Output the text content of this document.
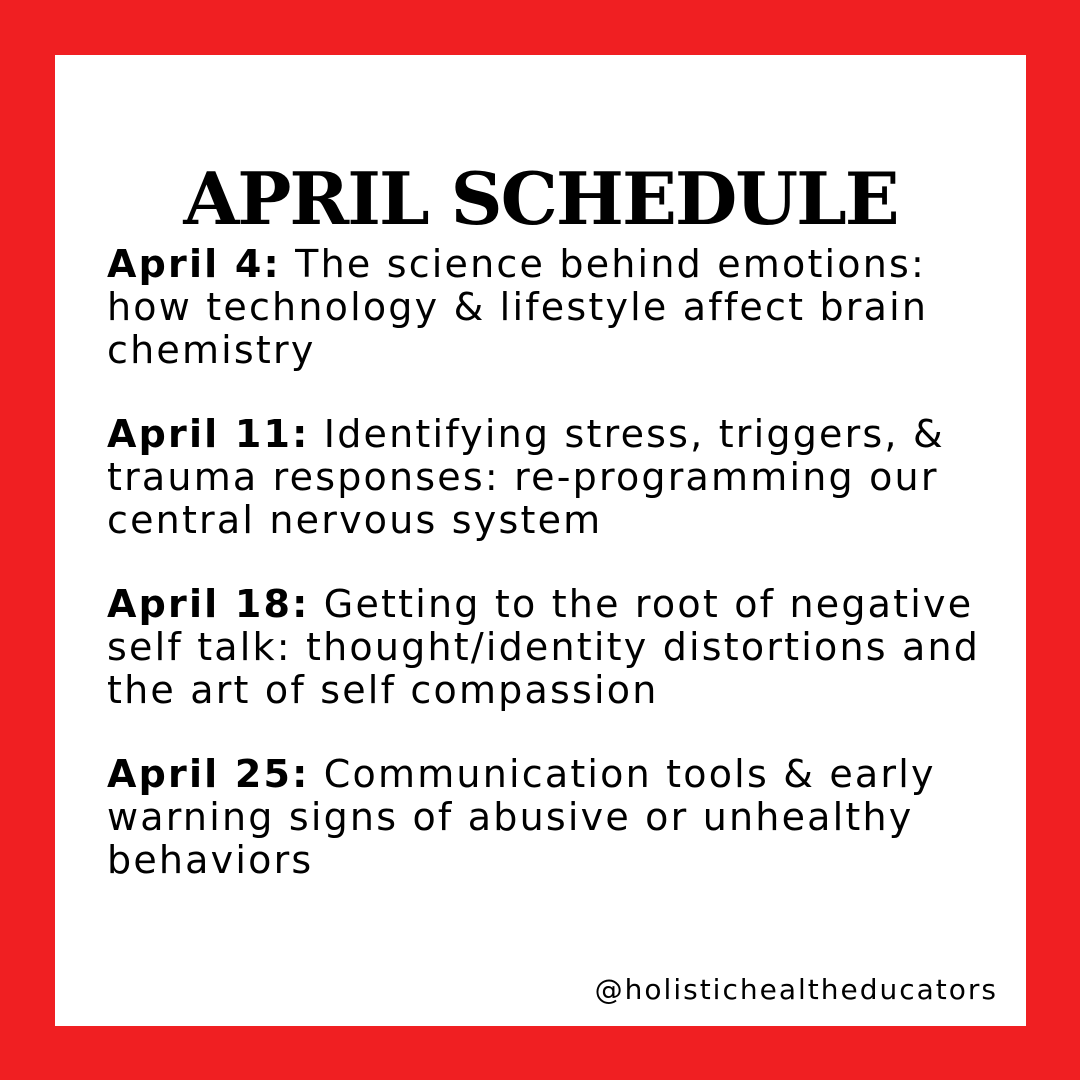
APRIL SCHEDULE

April 4: The science behind emotions: how technology & lifestyle affect brain chemistry

April 11: Identifying stress, triggers, & trauma responses: re-programming our central nervous system

April 18: Getting to the root of negative self talk: thought/identity distortions and the art of self compassion

April 25: Communication tools & early warning signs of abusive or unhealthy behaviors

@holistichealtheducators
